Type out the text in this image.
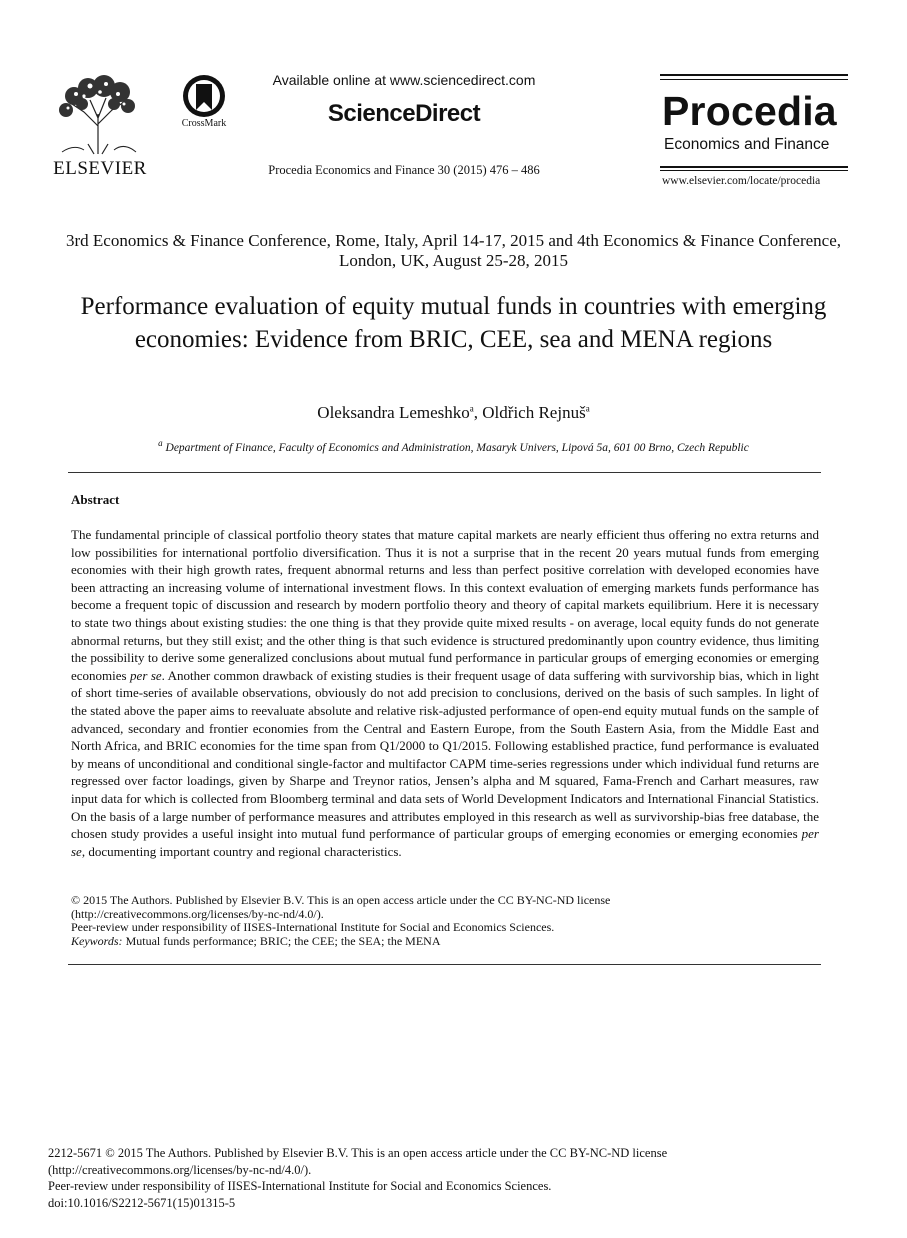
ELSEVIER
CrossMark
Available online at www.sciencedirect.com
ScienceDirect
Procedia Economics and Finance 30 (2015) 476 – 486
Procedia
Economics and Finance
www.elsevier.com/locate/procedia
3rd Economics & Finance Conference, Rome, Italy, April 14-17, 2015 and 4th Economics & Finance Conference, London, UK, August 25-28, 2015
Performance evaluation of equity mutual funds in countries with emerging economies: Evidence from BRIC, CEE, sea and MENA regions
Oleksandra Lemeshko$^a$, Oldřich Rejnuš$^a$
$^a$ Department of Finance, Faculty of Economics and Administration, Masaryk Univers, Lipová 5a, 601 00 Brno, Czech Republic
Abstract
The fundamental principle of classical portfolio theory states that mature capital markets are nearly efficient thus offering no extra returns and low possibilities for international portfolio diversification. Thus it is not a surprise that in the recent 20 years mutual funds from emerging economies with their high growth rates, frequent abnormal returns and less than perfect positive correlation with developed economies have been attracting an increasing volume of international investment flows. In this context evaluation of emerging markets funds performance has become a frequent topic of discussion and research by modern portfolio theory and theory of capital markets equilibrium. Here it is necessary to state two things about existing studies: the one thing is that they provide quite mixed results - on average, local equity funds do not generate abnormal returns, but they still exist; and the other thing is that such evidence is structured predominantly upon country evidence, thus limiting the possibility to derive some generalized conclusions about mutual fund performance in particular groups of emerging economies or emerging economies per se. Another common drawback of existing studies is their frequent usage of data suffering with survivorship bias, which in light of short time-series of available observations, obviously do not add precision to conclusions, derived on the basis of such samples. In light of the stated above the paper aims to reevaluate absolute and relative risk-adjusted performance of open-end equity mutual funds on the sample of advanced, secondary and frontier economies from the Central and Eastern Europe, from the South Eastern Asia, from the Middle East and North Africa, and BRIC economies for the time span from Q1/2000 to Q1/2015. Following established practice, fund performance is evaluated by means of unconditional and conditional single-factor and multifactor CAPM time-series regressions under which individual fund returns are regressed over factor loadings, given by Sharpe and Treynor ratios, Jensen’s alpha and M squared, Fama-French and Carhart measures, raw input data for which is collected from Bloomberg terminal and data sets of World Development Indicators and International Financial Statistics. On the basis of a large number of performance measures and attributes employed in this research as well as survivorship-bias free database, the chosen study provides a useful insight into mutual fund performance of particular groups of emerging economies or emerging economies per se, documenting important country and regional characteristics.
© 2015 The Authors. Published by Elsevier B.V. This is an open access article under the CC BY-NC-ND license
(http://creativecommons.org/licenses/by-nc-nd/4.0/).
Peer-review under responsibility of IISES-International Institute for Social and Economics Sciences.
Keywords: Mutual funds performance; BRIC; the CEE; the SEA; the MENA
2212-5671 © 2015 The Authors. Published by Elsevier B.V. This is an open access article under the CC BY-NC-ND license
(http://creativecommons.org/licenses/by-nc-nd/4.0/).
Peer-review under responsibility of IISES-International Institute for Social and Economics Sciences.
doi:10.1016/S2212-5671(15)01315-5
